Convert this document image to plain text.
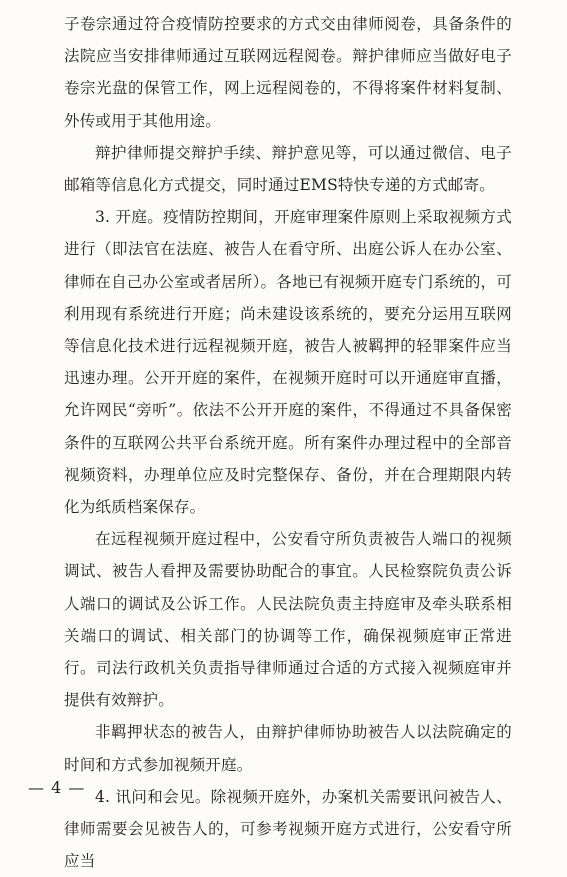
子卷宗通过符合疫情防控要求的方式交由律师阅卷，具备条件的法院应当安排律师通过互联网远程阅卷。辩护律师应当做好电子卷宗光盘的保管工作，网上远程阅卷的，不得将案件材料复制、外传或用于其他用途。

辩护律师提交辩护手续、辩护意见等，可以通过微信、电子邮箱等信息化方式提交，同时通过EMS特快专递的方式邮寄。

3. 开庭。疫情防控期间，开庭审理案件原则上采取视频方式进行（即法官在法庭、被告人在看守所、出庭公诉人在办公室、律师在自己办公室或者居所）。各地已有视频开庭专门系统的，可利用现有系统进行开庭；尚未建设该系统的，要充分运用互联网等信息化技术进行远程视频开庭，被告人被羁押的轻罪案件应当迅速办理。公开开庭的案件，在视频开庭时可以开通庭审直播，允许网民“旁听”。依法不公开开庭的案件，不得通过不具备保密条件的互联网公共平台系统开庭。所有案件办理过程中的全部音视频资料，办理单位应及时完整保存、备份，并在合理期限内转化为纸质档案保存。

在远程视频开庭过程中，公安看守所负责被告人端口的视频调试、被告人看押及需要协助配合的事宜。人民检察院负责公诉人端口的调试及公诉工作。人民法院负责主持庭审及牵头联系相关端口的调试、相关部门的协调等工作，确保视频庭审正常进行。司法行政机关负责指导律师通过合适的方式接入视频庭审并提供有效辩护。

非羁押状态的被告人，由辩护律师协助被告人以法院确定的时间和方式参加视频开庭。

4. 讯问和会见。除视频开庭外，办案机关需要讯问被告人、律师需要会见被告人的，可参考视频开庭方式进行，公安看守所应当

— 4 —
